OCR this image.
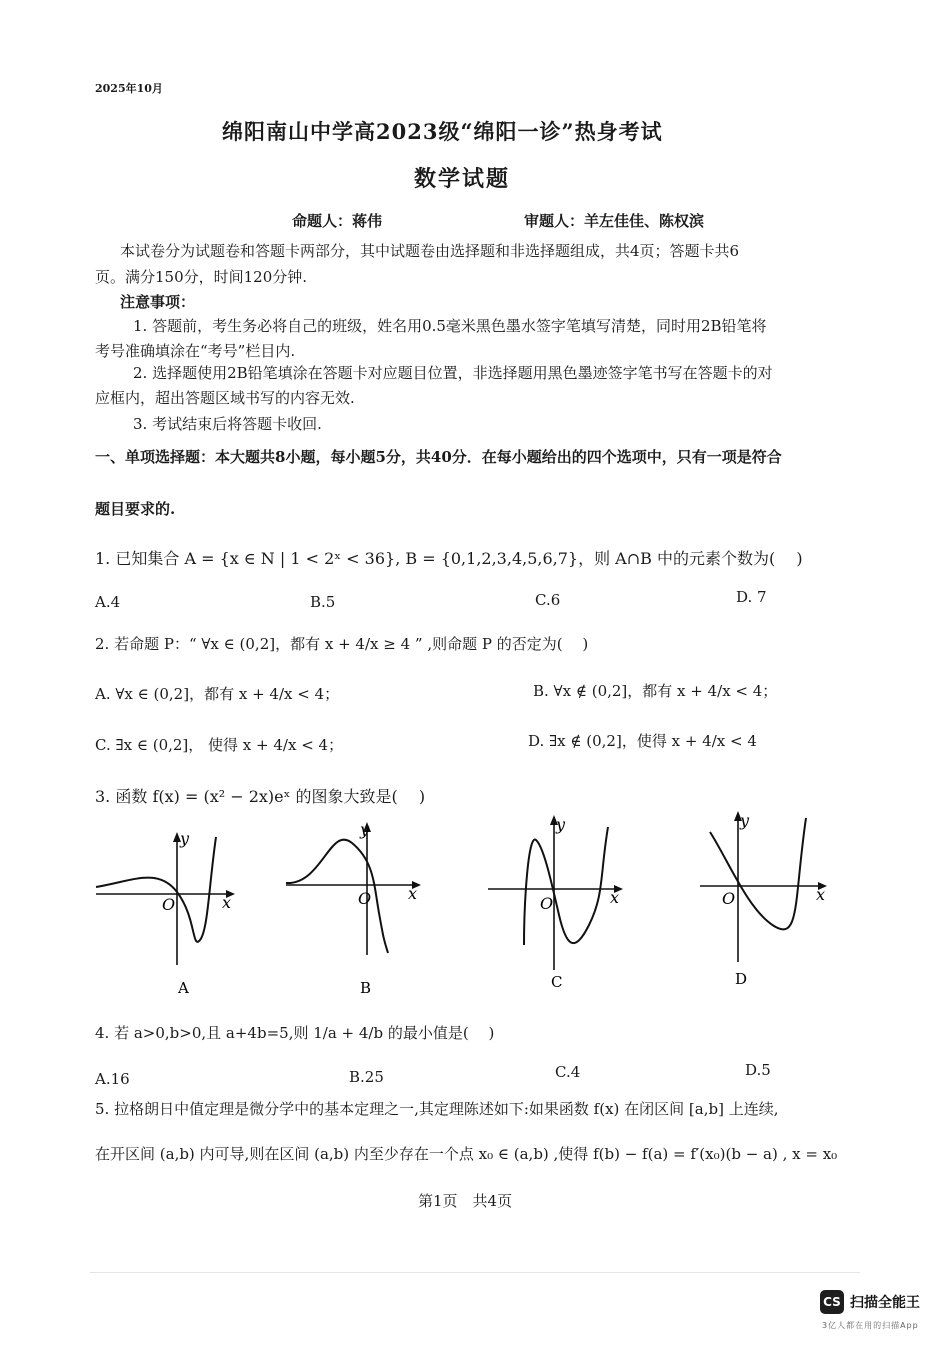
2025年10月
绵阳南山中学高2023级“绵阳一诊”热身考试
数学试题
命题人：蒋伟	审题人：羊左佳佳、陈权滨
本试卷分为试题卷和答题卡两部分，其中试题卷由选择题和非选择题组成，共4页；答题卡共6
页。满分150分，时间120分钟.
注意事项：
1. 答题前，考生务必将自己的班级，姓名用0.5毫米黑色墨水签字笔填写清楚，同时用2B铅笔将
考号准确填涂在“考号”栏目内.
2. 选择题使用2B铅笔填涂在答题卡对应题目位置，非选择题用黑色墨迹签字笔书写在答题卡的对
应框内，超出答题区域书写的内容无效.
3. 考试结束后将答题卡收回.
一、单项选择题：本大题共8小题，每小题5分，共40分．在每小题给出的四个选项中，只有一项是符合
题目要求的.
1. 已知集合 A = {x ∈ N | 1 < 2ˣ < 36}, B = {0,1,2,3,4,5,6,7}，则 A∩B 中的元素个数为(　 )
A.4	B.5	C.6	D. 7
2. 若命题 P：“ ∀x ∈ (0,2]，都有 x + 4/x ≥ 4 ” ,则命题 P 的否定为(　 )
A. ∀x ∈ (0,2]，都有 x + 4/x < 4；	B. ∀x ∉ (0,2]，都有 x + 4/x < 4；
C. ∃x ∈ (0,2]， 使得 x + 4/x < 4；	D. ∃x ∉ (0,2]，使得 x + 4/x < 4
3. 函数 f(x) = (x² − 2x)eˣ 的图象大致是(　 )
y
x
O
A
y
x
O
B
y
x
O
C
y
x
O
D
4. 若 a>0,b>0,且 a+4b=5,则 1/a + 4/b 的最小值是(　 )
A.16	B.25	C.4	D.5
5. 拉格朗日中值定理是微分学中的基本定理之一,其定理陈述如下:如果函数 f(x) 在闭区间 [a,b] 上连续,
在开区间 (a,b) 内可导,则在区间 (a,b) 内至少存在一个点 x₀ ∈ (a,b) ,使得 f(b) − f(a) = f′(x₀)(b − a) , x = x₀
第1页　共4页
CS 扫描全能王
3亿人都在用的扫描App
